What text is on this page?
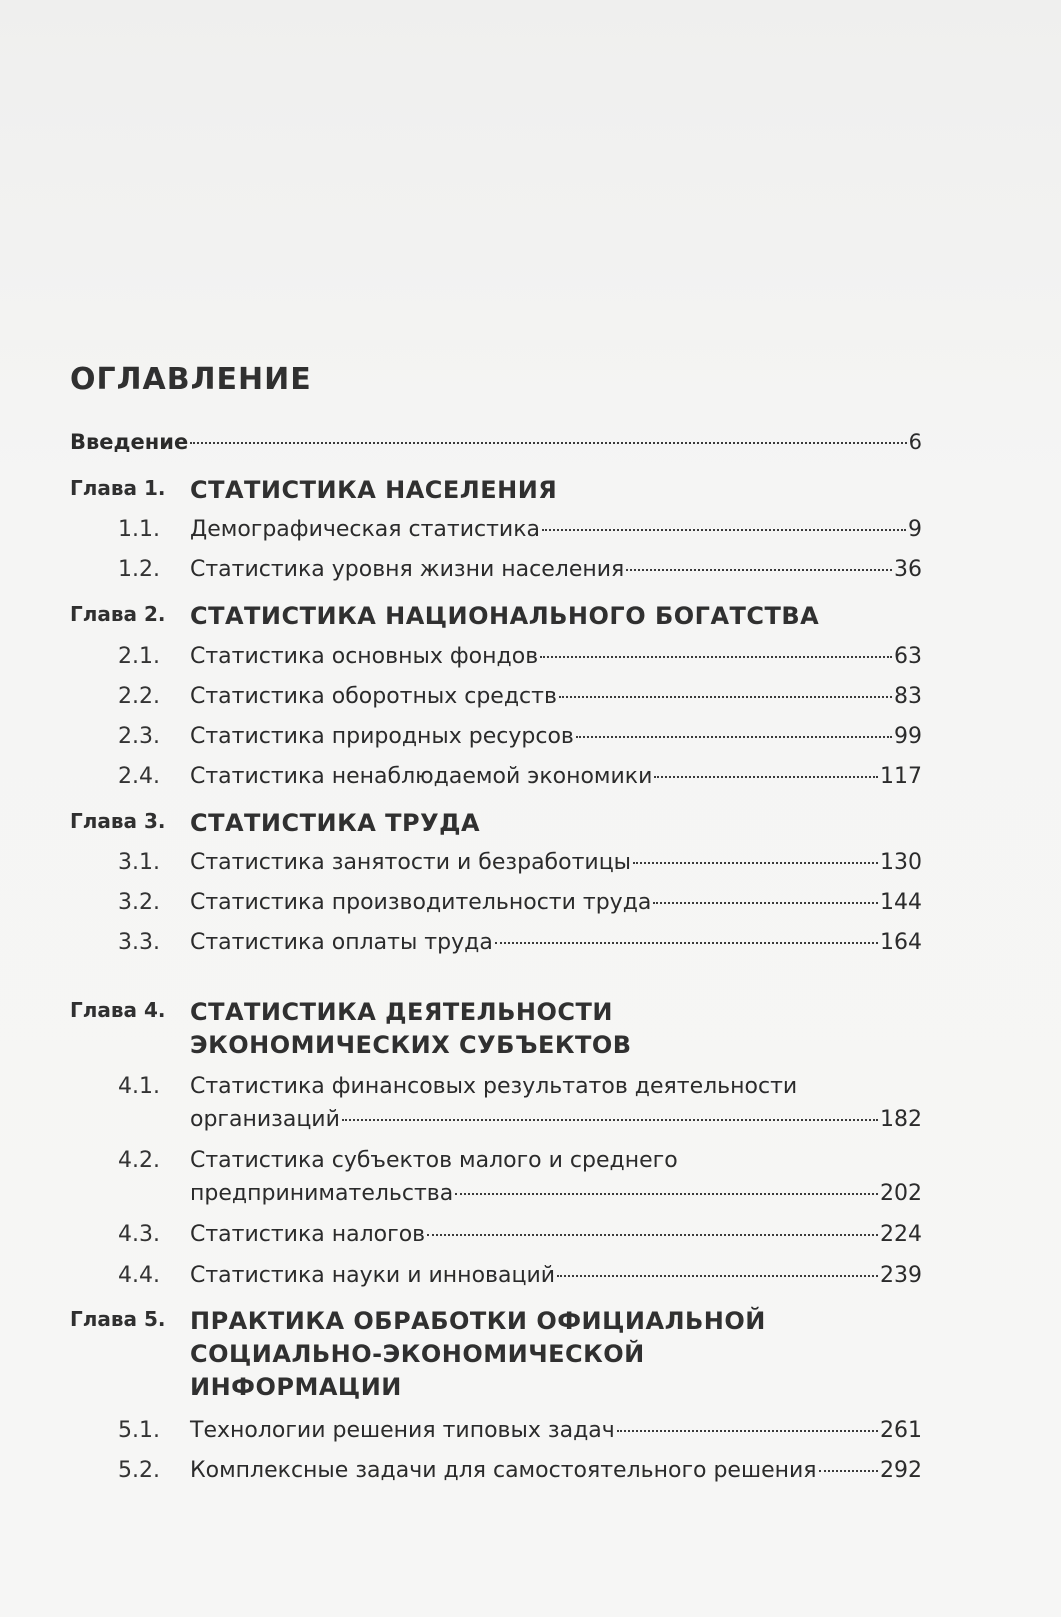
ОГЛАВЛЕНИЕ
Введение	6
Глава 1. СТАТИСТИКА НАСЕЛЕНИЯ
1.1. Демографическая статистика	9
1.2. Статистика уровня жизни населения	36
Глава 2. СТАТИСТИКА НАЦИОНАЛЬНОГО БОГАТСТВА
2.1. Статистика основных фондов	63
2.2. Статистика оборотных средств	83
2.3. Статистика природных ресурсов	99
2.4. Статистика ненаблюдаемой экономики	117
Глава 3. СТАТИСТИКА ТРУДА
3.1. Статистика занятости и безработицы	130
3.2. Статистика производительности труда	144
3.3. Статистика оплаты труда	164
Глава 4. СТАТИСТИКА ДЕЯТЕЛЬНОСТИ
ЭКОНОМИЧЕСКИХ СУБЪЕКТОВ
4.1. Статистика финансовых результатов деятельности
организаций	182
4.2. Статистика субъектов малого и среднего
предпринимательства	202
4.3. Статистика налогов	224
4.4. Статистика науки и инноваций	239
Глава 5. ПРАКТИКА ОБРАБОТКИ ОФИЦИАЛЬНОЙ
СОЦИАЛЬНО-ЭКОНОМИЧЕСКОЙ
ИНФОРМАЦИИ
5.1. Технологии решения типовых задач	261
5.2. Комплексные задачи для самостоятельного решения	292
